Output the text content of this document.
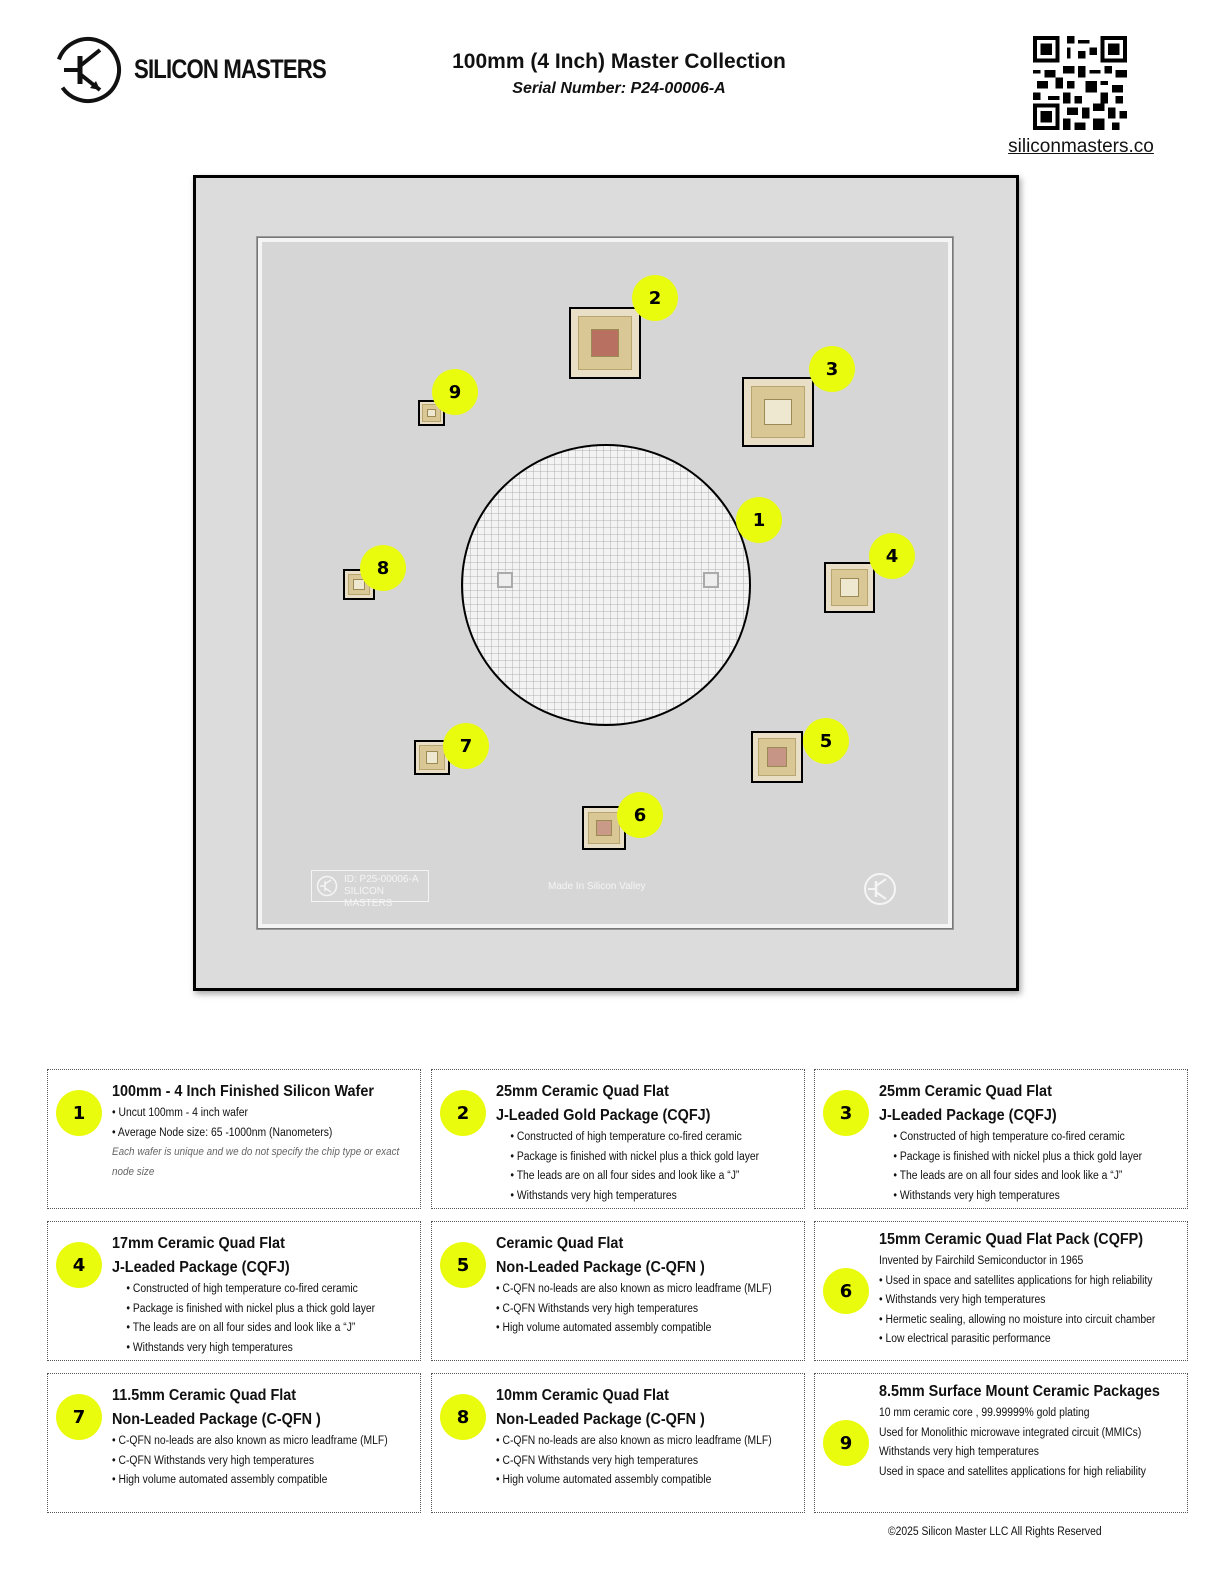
SILICON MASTERS	100mm (4 Inch) Master Collection
Serial Number: P24-00006-A
siliconmasters.co
1
2
3
4
5
6
7
8
9
ID: P25-00006-A
SILICON MASTERS
Made In Silicon Valley
1
100mm - 4 Inch Finished Silicon Wafer
• Uncut 100mm - 4 inch wafer
• Average Node size: 65 -1000nm (Nanometers)
Each wafer is unique and we do not specify the chip type or exact
node size
2
25mm Ceramic Quad Flat
J-Leaded Gold Package (CQFJ)
• Constructed of high temperature co-fired ceramic
• Package is finished with nickel plus a thick gold layer
• The leads are on all four sides and look like a “J”
• Withstands very high temperatures
3
25mm Ceramic Quad Flat
J-Leaded Package (CQFJ)
• Constructed of high temperature co-fired ceramic
• Package is finished with nickel plus a thick gold layer
• The leads are on all four sides and look like a “J”
• Withstands very high temperatures
4
17mm Ceramic Quad Flat
J-Leaded Package (CQFJ)
• Constructed of high temperature co-fired ceramic
• Package is finished with nickel plus a thick gold layer
• The leads are on all four sides and look like a “J”
• Withstands very high temperatures
5
Ceramic Quad Flat
Non-Leaded Package (C-QFN )
• C-QFN no-leads are also known as micro leadframe (MLF)
• C-QFN Withstands very high temperatures
• High volume automated assembly compatible
6
15mm Ceramic Quad Flat Pack (CQFP)
Invented by Fairchild Semiconductor in 1965
• Used in space and satellites applications for high reliability
• Withstands very high temperatures
• Hermetic sealing, allowing no moisture into circuit chamber
• Low electrical parasitic performance
7
11.5mm Ceramic Quad Flat
Non-Leaded Package (C-QFN )
• C-QFN no-leads are also known as micro leadframe (MLF)
• C-QFN Withstands very high temperatures
• High volume automated assembly compatible
8
10mm Ceramic Quad Flat
Non-Leaded Package (C-QFN )
• C-QFN no-leads are also known as micro leadframe (MLF)
• C-QFN Withstands very high temperatures
• High volume automated assembly compatible
9
8.5mm Surface Mount Ceramic Packages
10 mm ceramic core , 99.99999% gold plating
Used for Monolithic microwave integrated circuit (MMICs)
Withstands very high temperatures
Used in space and satellites applications for high reliability
©2025 Silicon Master LLC All Rights Reserved
